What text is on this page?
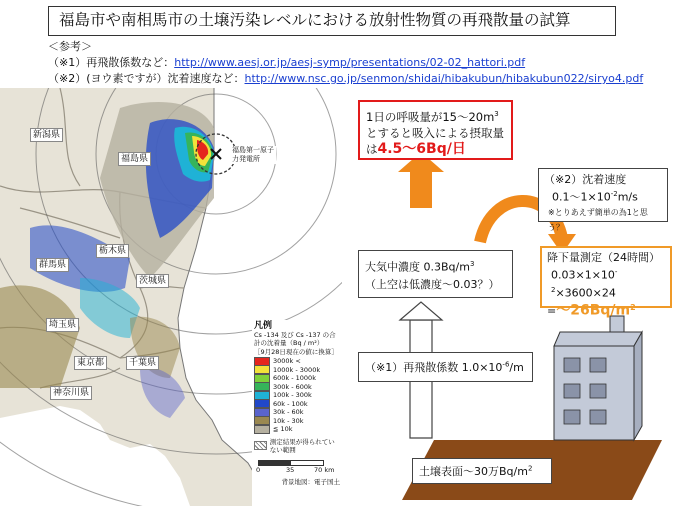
福島市や南相馬市の土壌汚染レベルにおける放射性物質の再飛散量の試算
＜参考＞
（※1）再飛散係数など：http://www.aesj.or.jp/aesj-symp/presentations/02-02_hattori.pdf
（※2）(ヨウ素ですが）沈着速度など：http://www.nsc.go.jp/senmon/shidai/hibakubun/hibakubun022/siryo4.pdf
新潟県
福島県
群馬県
栃木県
茨城県
埼玉県
東京都	千葉県
神奈川県
福島第一原子力発電所
凡例
Cs -134 及び Cs -137 の合計の沈着量（Bq / m²）
［9月28日現在の値に換算］
3000k <
1000k - 3000k
600k - 1000k
300k - 600k
100k - 300k
60k - 100k
30k - 60k
10k - 30k
≦ 10k
測定結果が得られていない範囲
0	35	70 km
背景地図：電子国土
1日の呼吸量が$15\sim 20m^3$
とすると吸入による摂取量
は4.5～6Bq/日
大気中濃度 $0.3Bq/m^3$
（上空は低濃度～0.03？）
（※1）再飛散係数 $1.0\times 10^{-6}/m$
（※2）沈着速度
$0.1\sim 1\times 10^{-2}m/s$
※とりあえず簡単の為1と思う？
降下量測定（24時間）
$0.03\times 1\times 10^{-2}\times 3600\times 24$
$=\sim 26Bq/m^2$
土壌表面～30万$Bq/m^2$
